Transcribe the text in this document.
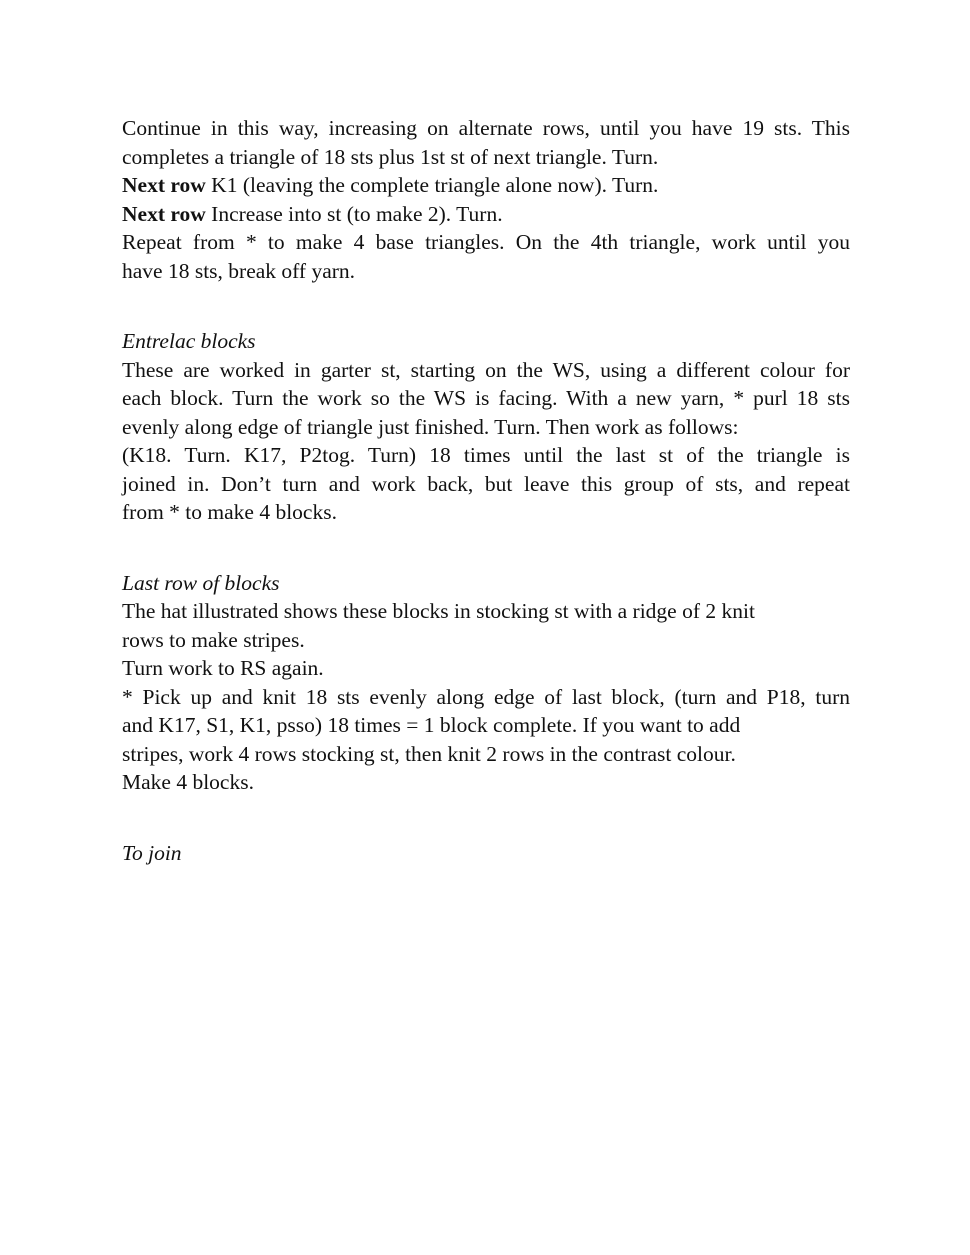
Continue in this way, increasing on alternate rows, until you have 19 sts. This
completes a triangle of 18 sts plus 1st st of next triangle. Turn.
Next row K1 (leaving the complete triangle alone now). Turn.
Next row Increase into st (to make 2). Turn.
Repeat from * to make 4 base triangles. On the 4th triangle, work until you
have 18 sts, break off yarn.
Entrelac blocks
These are worked in garter st, starting on the WS, using a different colour for
each block. Turn the work so the WS is facing. With a new yarn, * purl 18 sts
evenly along edge of triangle just finished. Turn. Then work as follows:
(K18. Turn. K17, P2tog. Turn) 18 times until the last st of the triangle is
joined in. Don’t turn and work back, but leave this group of sts, and repeat
from * to make 4 blocks.
Last row of blocks
The hat illustrated shows these blocks in stocking st with a ridge of 2 knit
rows to make stripes.
Turn work to RS again.
* Pick up and knit 18 sts evenly along edge of last block, (turn and P18, turn
and K17, S1, K1, psso) 18 times = 1 block complete. If you want to add
stripes, work 4 rows stocking st, then knit 2 rows in the contrast colour.
Make 4 blocks.
To join
